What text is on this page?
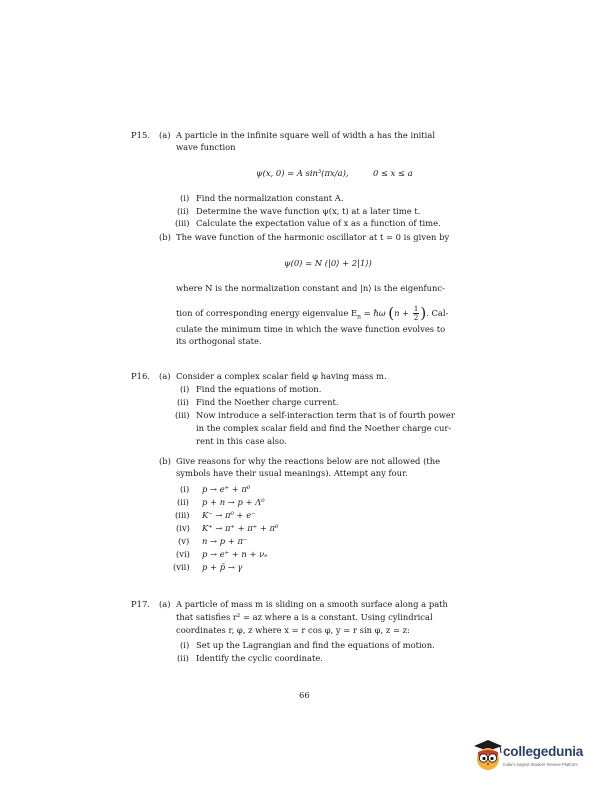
P15. (a) A particle in the infinite square well of width a has the initial
wave function
ψ(x, 0) = A sin³(πx/a),	0 ≤ x ≤ a
(i) Find the normalization constant A.
(ii) Determine the wave function ψ(x, t) at a later time t.
(iii) Calculate the expectation value of x as a function of time.
(b) The wave function of the harmonic oscillator at t = 0 is given by
ψ(0) = N (|0⟩ + 2|1⟩)
where N is the normalization constant and |n⟩ is the eigenfunc-
tion of corresponding energy eigenvalue $E_n$ = ħω ($n + \frac{1}{2}$ ). Cal-
culate the minimum time in which the wave function evolves to
its orthogonal state.
P16. (a) Consider a complex scalar field φ having mass m.
(i) Find the equations of motion.
(ii) Find the Noether charge current.
(iii) Now introduce a self-interaction term that is of fourth power
in the complex scalar field and find the Noether charge cur-
rent in this case also.
(b) Give reasons for why the reactions below are not allowed (the
symbols have their usual meanings). Attempt any four.
(i) p → e⁺ + π⁰
(ii) p + n → p + Λ⁰
(iii) K⁻ → π⁰ + e⁻
(iv) K⁺ → π⁺ + π⁺ + π⁰
(v) n → p + π⁻
(vi) p → e⁺ + n + νₑ
(vii) p + p̄ → γ
P17. (a) A particle of mass m is sliding on a smooth surface along a path
that satisfies r² = az where a is a constant. Using cylindrical
coordinates r, φ, z where x = r cos φ, y = r sin φ, z = z:
(i) Set up the Lagrangian and find the equations of motion.
(ii) Identify the cyclic coordinate.
66
collegedunia
India's largest Student Review Platform
